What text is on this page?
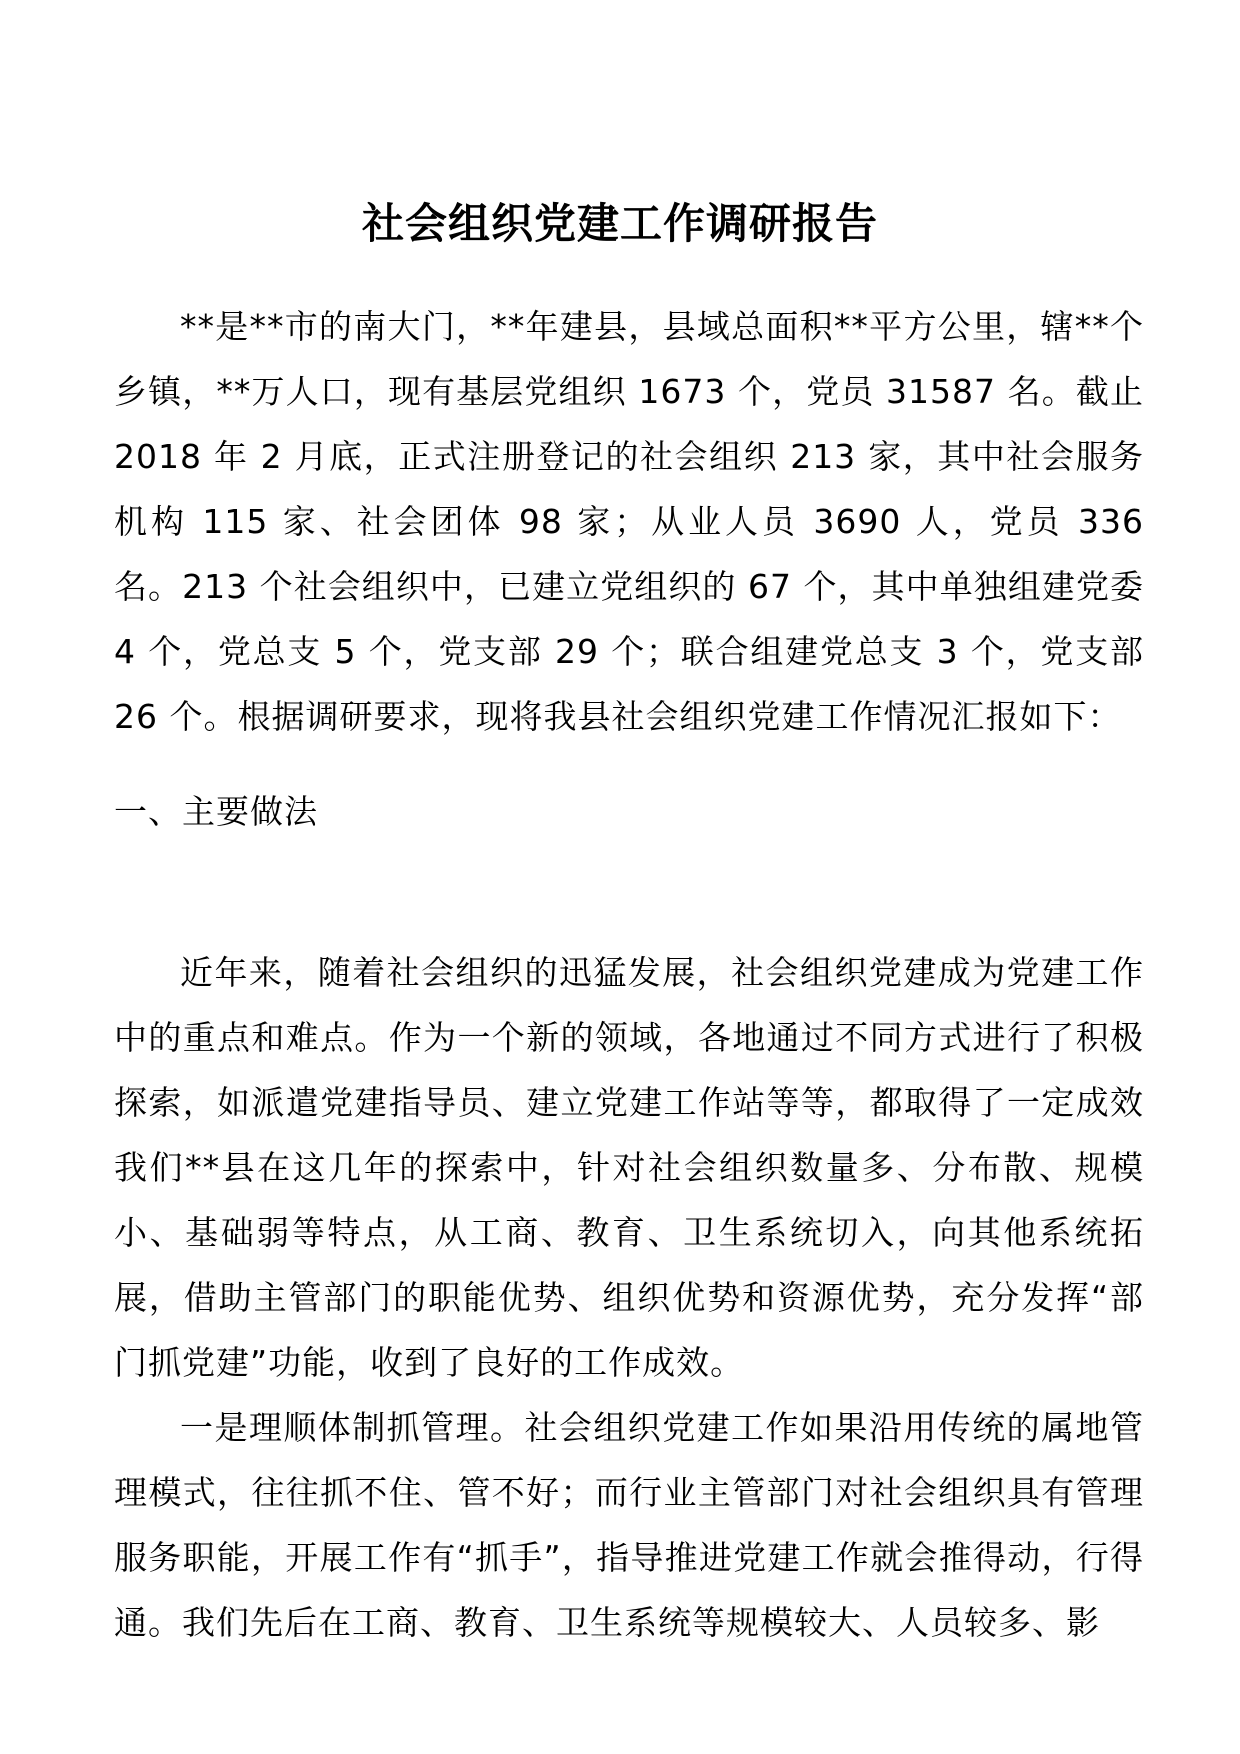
社会组织党建工作调研报告

**是**市的南大门，**年建县，县域总面积**平方公里，辖**个乡镇，**万人口，现有基层党组织 1673 个，党员 31587 名。截止 2018 年 2 月底，正式注册登记的社会组织 213 家，其中社会服务机构 115 家、社会团体 98 家；从业人员 3690 人，党员 336 名。213 个社会组织中，已建立党组织的 67 个，其中单独组建党委 4 个，党总支 5 个，党支部 29 个；联合组建党总支 3 个，党支部 26 个。根据调研要求，现将我县社会组织党建工作情况汇报如下：

一、主要做法

近年来，随着社会组织的迅猛发展，社会组织党建成为党建工作中的重点和难点。作为一个新的领域，各地通过不同方式进行了积极探索，如派遣党建指导员、建立党建工作站等等，都取得了一定成效我们**县在这几年的探索中，针对社会组织数量多、分布散、规模小、基础弱等特点，从工商、教育、卫生系统切入，向其他系统拓展，借助主管部门的职能优势、组织优势和资源优势，充分发挥“部门抓党建”功能，收到了良好的工作成效。

一是理顺体制抓管理。社会组织党建工作如果沿用传统的属地管理模式，往往抓不住、管不好；而行业主管部门对社会组织具有管理服务职能，开展工作有“抓手”，指导推进党建工作就会推得动，行得通。我们先后在工商、教育、卫生系统等规模较大、人员较多、影
